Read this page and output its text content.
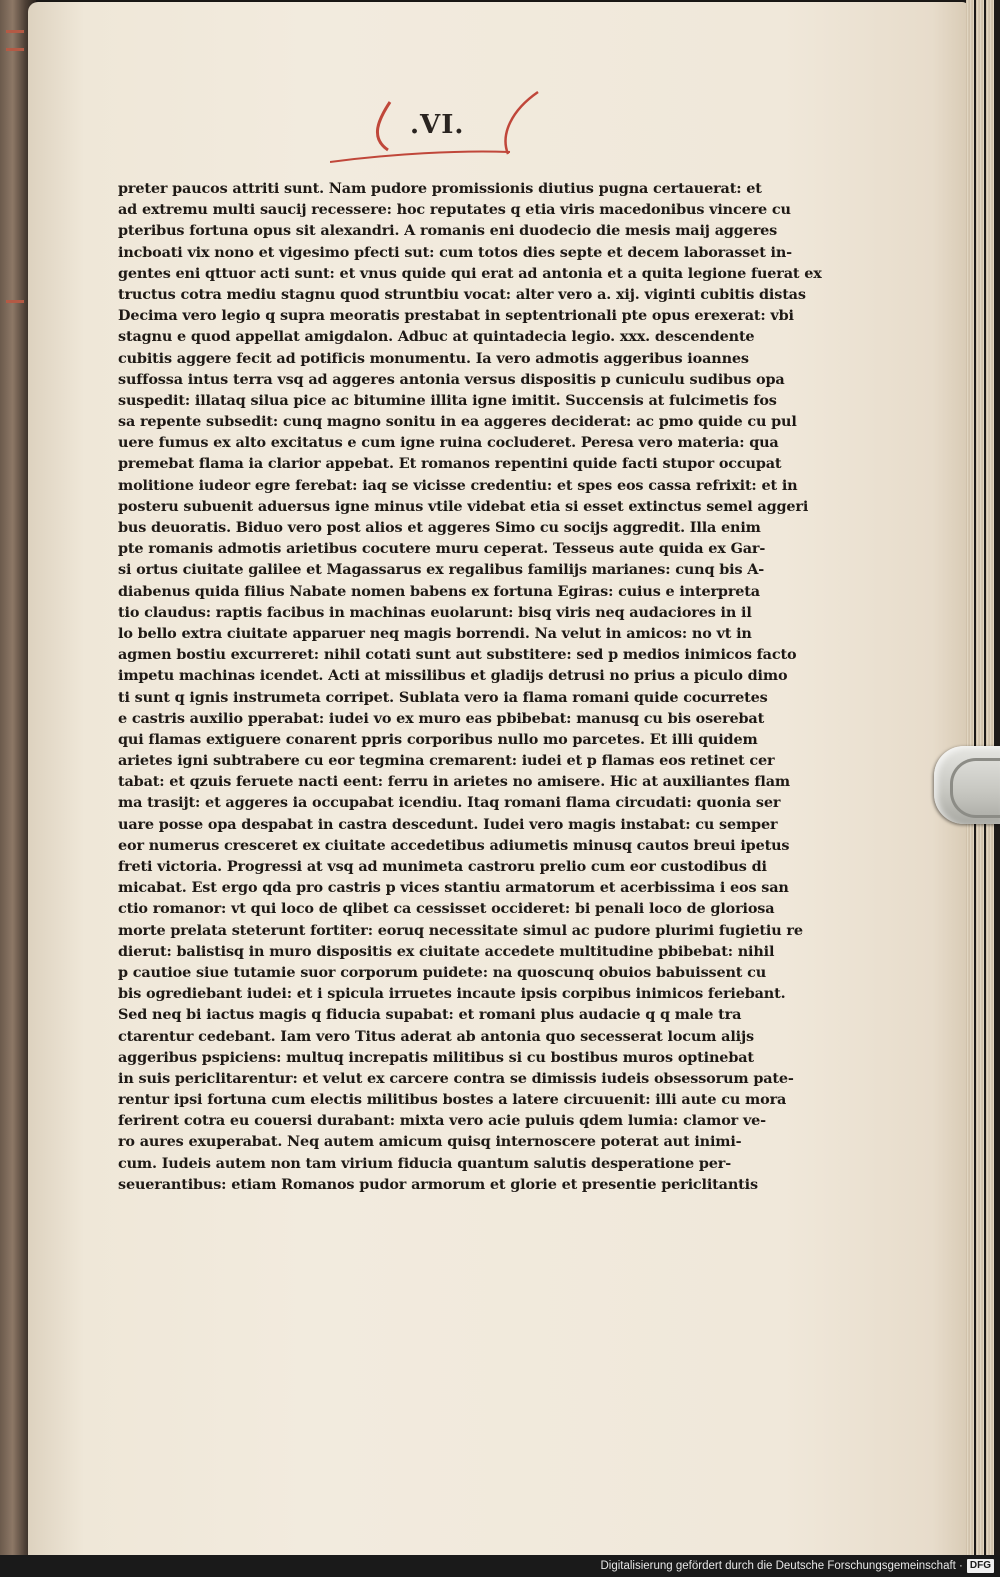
.VI.
preter paucos attriti sunt. Nam pudore promissionis diutius pugna certauerat: et
ad extremu multi saucij recessere: hoc reputates q etia viris macedonibus vincere cu
pteribus fortuna opus sit alexandri. A romanis eni duodecio die mesis maij aggeres
incboati vix nono et vigesimo pfecti sut: cum totos dies septe et decem laborasset in-
gentes eni qttuor acti sunt: et vnus quide qui erat ad antonia et a quita legione fuerat ex
tructus cotra mediu stagnu quod struntbiu vocat: alter vero a. xij. viginti cubitis distas
Decima vero legio q supra meoratis prestabat in septentrionali pte opus erexerat: vbi
stagnu e quod appellat amigdalon. Adbuc at quintadecia legio. xxx. descendente
cubitis aggere fecit ad potificis monumentu. Ia vero admotis aggeribus ioannes
suffossa intus terra vsq ad aggeres antonia versus dispositis p cuniculu sudibus opa
suspedit: illataq silua pice ac bitumine illita igne imitit. Succensis at fulcimetis fos
sa repente subsedit: cunq magno sonitu in ea aggeres deciderat: ac pmo quide cu pul
uere fumus ex alto excitatus e cum igne ruina cocluderet. Peresa vero materia: qua
premebat flama ia clarior appebat. Et romanos repentini quide facti stupor occupat
molitione iudeor egre ferebat: iaq se vicisse credentiu: et spes eos cassa refrixit: et in
posteru subuenit aduersus igne minus vtile videbat etia si esset extinctus semel aggeri
bus deuoratis. Biduo vero post alios et aggeres Simo cu socijs aggredit. Illa enim
pte romanis admotis arietibus cocutere muru ceperat. Tesseus aute quida ex Gar-
si ortus ciuitate galilee et Magassarus ex regalibus familijs marianes: cunq bis A-
diabenus quida filius Nabate nomen babens ex fortuna Egiras: cuius e interpreta
tio claudus: raptis facibus in machinas euolarunt: bisq viris neq audaciores in il
lo bello extra ciuitate apparuer neq magis borrendi. Na velut in amicos: no vt in
agmen bostiu excurreret: nihil cotati sunt aut substitere: sed p medios inimicos facto
impetu machinas icendet. Acti at missilibus et gladijs detrusi no prius a piculo dimo
ti sunt q ignis instrumeta corripet. Sublata vero ia flama romani quide cocurretes
e castris auxilio pperabat: iudei vo ex muro eas pbibebat: manusq cu bis oserebat
qui flamas extiguere conarent ppris corporibus nullo mo parcetes. Et illi quidem
arietes igni subtrabere cu eor tegmina cremarent: iudei et p flamas eos retinet cer
tabat: et qzuis feruete nacti eent: ferru in arietes no amisere. Hic at auxiliantes flam
ma trasijt: et aggeres ia occupabat icendiu. Itaq romani flama circudati: quonia ser
uare posse opa despabat in castra descedunt. Iudei vero magis instabat: cu semper
eor numerus cresceret ex ciuitate accedetibus adiumetis minusq cautos breui ipetus
freti victoria. Progressi at vsq ad munimeta castroru prelio cum eor custodibus di
micabat. Est ergo qda pro castris p vices stantiu armatorum et acerbissima i eos san
ctio romanor: vt qui loco de qlibet ca cessisset occideret: bi penali loco de gloriosa
morte prelata steterunt fortiter: eoruq necessitate simul ac pudore plurimi fugietiu re
dierut: balistisq in muro dispositis ex ciuitate accedete multitudine pbibebat: nihil
p cautioe siue tutamie suor corporum puidete: na quoscunq obuios babuissent cu
bis ogrediebant iudei: et i spicula irruetes incaute ipsis corpibus inimicos feriebant.
Sed neq bi iactus magis q fiducia supabat: et romani plus audacie q q male tra
ctarentur cedebant. Iam vero Titus aderat ab antonia quo secesserat locum alijs
aggeribus pspiciens: multuq increpatis militibus si cu bostibus muros optinebat
in suis periclitarentur: et velut ex carcere contra se dimissis iudeis obsessorum pate-
rentur ipsi fortuna cum electis militibus bostes a latere circuuenit: illi aute cu mora
ferirent cotra eu couersi durabant: mixta vero acie puluis qdem lumia: clamor ve-
ro aures exuperabat. Neq autem amicum quisq internoscere poterat aut inimi-
cum. Iudeis autem non tam virium fiducia quantum salutis desperatione per-
seuerantibus: etiam Romanos pudor armorum et glorie et presentie periclitantis
Digitalisierung gefördert durch die Deutsche Forschungsgemeinschaft · DFG
